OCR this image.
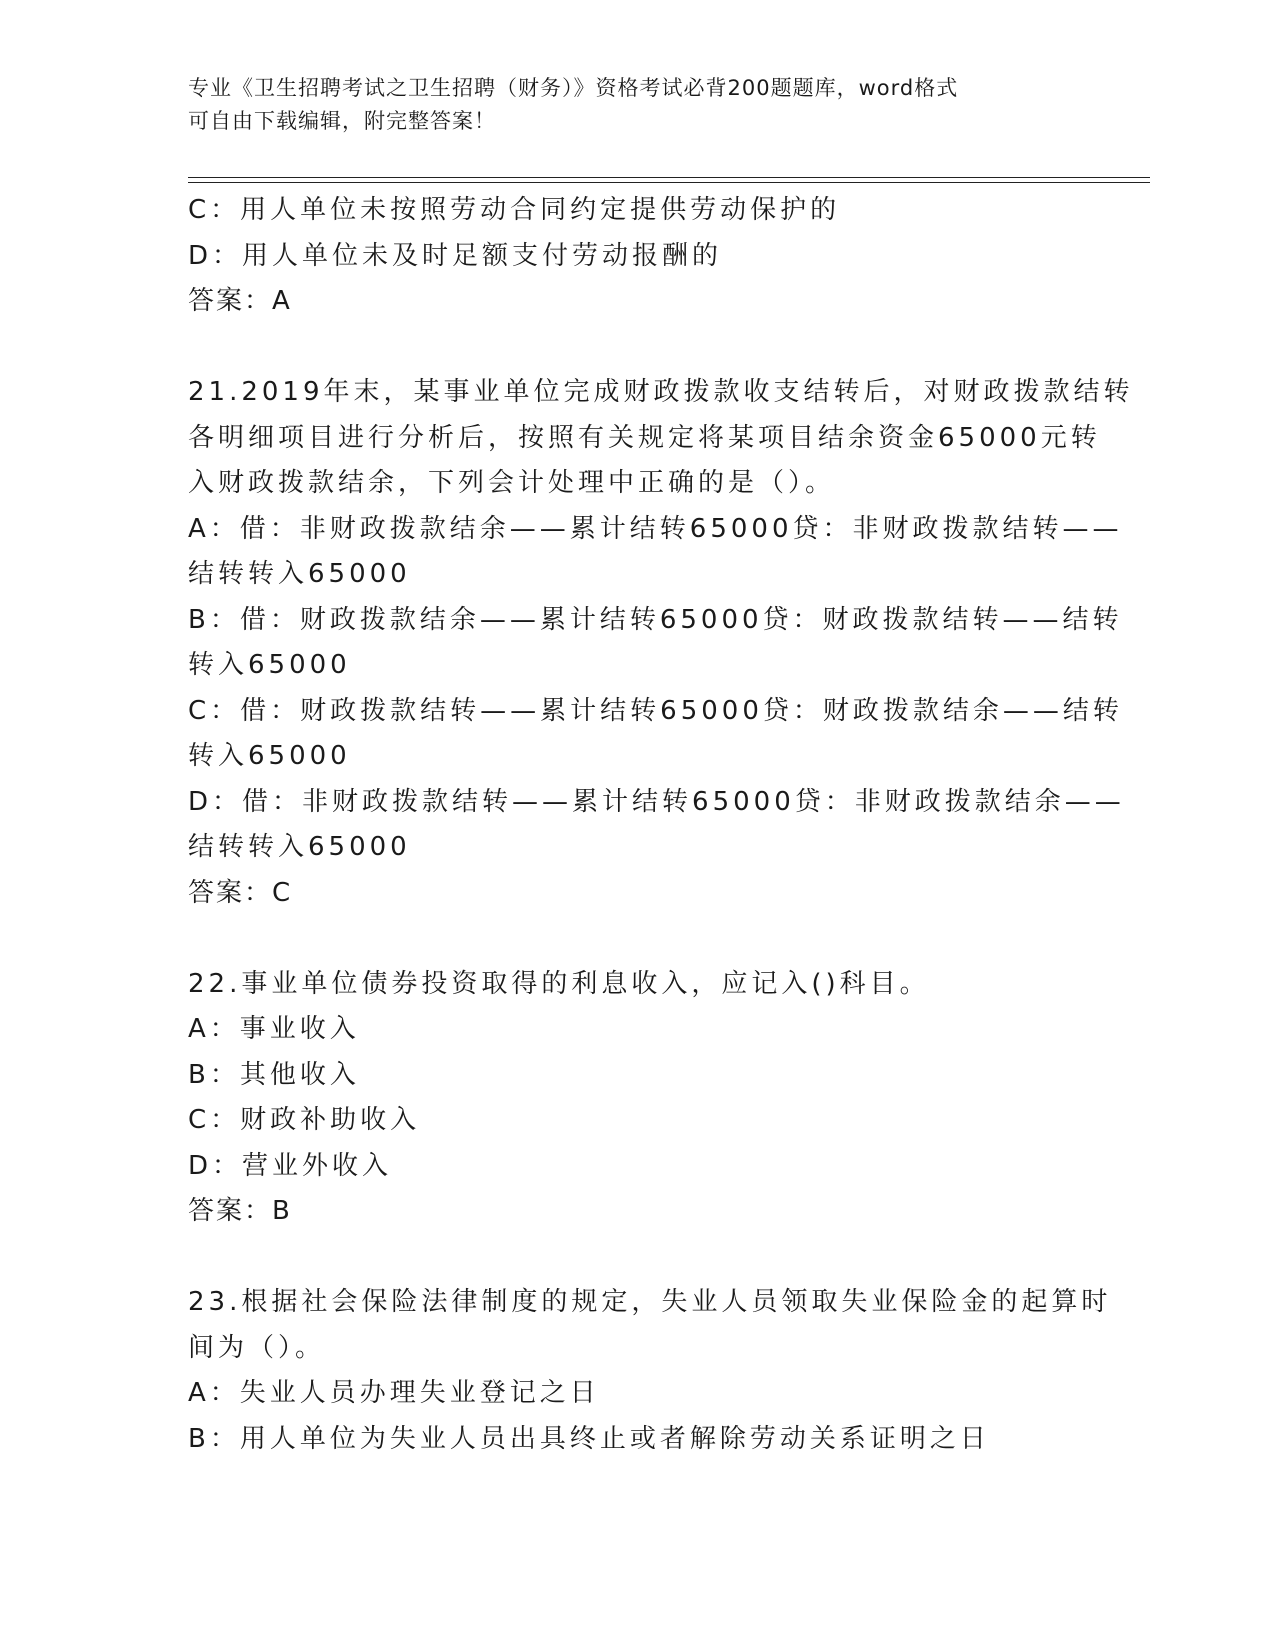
专业《卫生招聘考试之卫生招聘（财务）》资格考试必背200题题库，word格式
可自由下载编辑，附完整答案！
C：用人单位未按照劳动合同约定提供劳动保护的
D：用人单位未及时足额支付劳动报酬的
答案：A
21.2019年末，某事业单位完成财政拨款收支结转后，对财政拨款结转
各明细项目进行分析后，按照有关规定将某项目结余资金65000元转
入财政拨款结余，下列会计处理中正确的是（）。
A：借：非财政拨款结余——累计结转65000贷：非财政拨款结转——
结转转入65000
B：借：财政拨款结余——累计结转65000贷：财政拨款结转——结转
转入65000
C：借：财政拨款结转——累计结转65000贷：财政拨款结余——结转
转入65000
D：借：非财政拨款结转——累计结转65000贷：非财政拨款结余——
结转转入65000
答案：C
22.事业单位债券投资取得的利息收入，应记入()科目。
A：事业收入
B：其他收入
C：财政补助收入
D：营业外收入
答案：B
23.根据社会保险法律制度的规定，失业人员领取失业保险金的起算时
间为（）。
A：失业人员办理失业登记之日
B：用人单位为失业人员出具终止或者解除劳动关系证明之日
